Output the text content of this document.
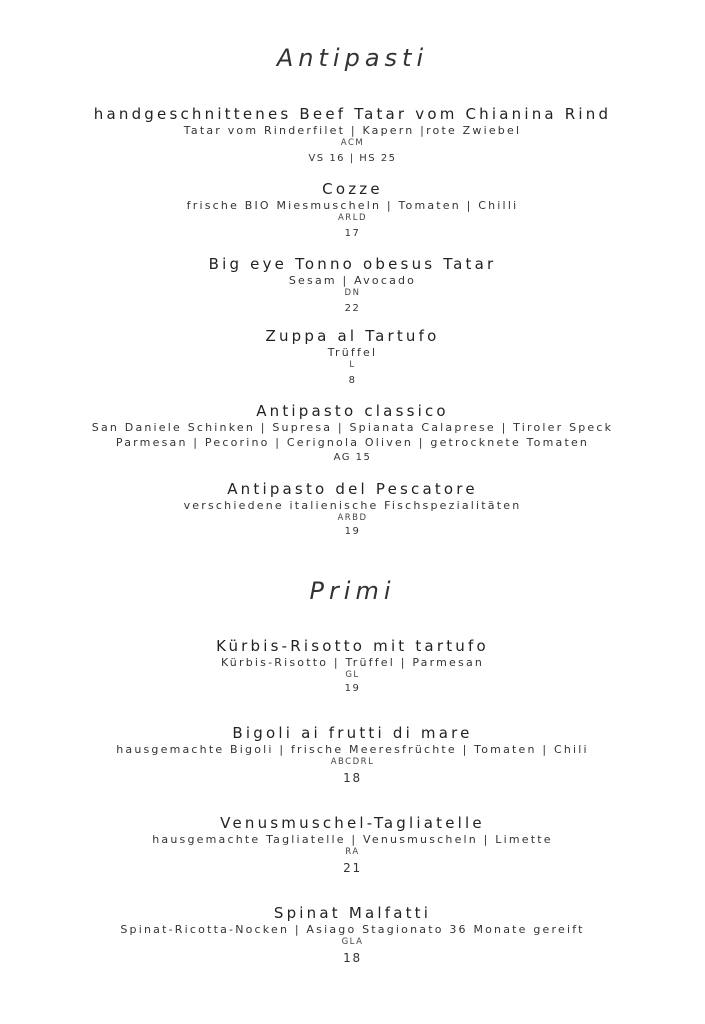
Antipasti
handgeschnittenes Beef Tatar vom Chianina Rind
Tatar vom Rinderfilet | Kapern |rote Zwiebel
ACM
VS 16 | HS 25
Cozze
frische BIO Miesmuscheln | Tomaten | Chilli
ARLD
17
Big eye Tonno obesus Tatar
Sesam | Avocado
DN
22
Zuppa al Tartufo
Trüffel
L
8
Antipasto classico
San Daniele Schinken | Supresa | Spianata Calaprese | Tiroler Speck
Parmesan | Pecorino | Cerignola Oliven | getrocknete Tomaten
AG 15
Antipasto del Pescatore
verschiedene italienische Fischspezialitäten
ARBD
19
Primi
Kürbis-Risotto mit tartufo
Kürbis-Risotto | Trüffel | Parmesan
GL
19
Bigoli ai frutti di mare
hausgemachte Bigoli | frische Meeresfrüchte | Tomaten | Chili
ABCDRL
18
Venusmuschel-Tagliatelle
hausgemachte Tagliatelle | Venusmuscheln | Limette
RA
21
Spinat Malfatti
Spinat-Ricotta-Nocken | Asiago Stagionato 36 Monate gereift
GLA
18
